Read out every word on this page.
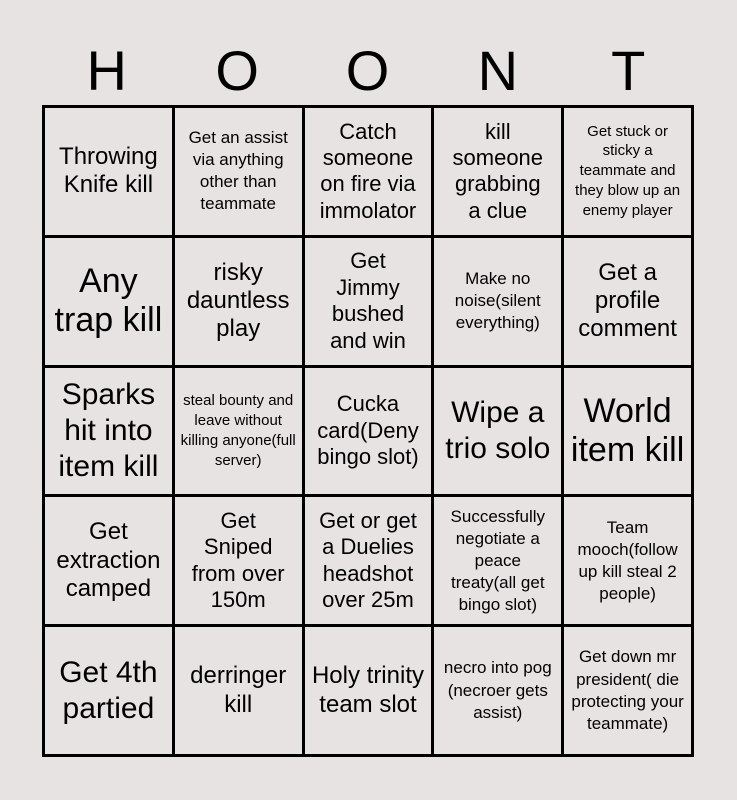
H	O	O	N	T
Throwing Knife kill
Get an assist via anything other than teammate
Catch someone on fire via immolator
kill someone grabbing a clue
Get stuck or sticky a teammate and they blow up an enemy player
Any trap kill
risky dauntless play
Get Jimmy bushed and win
Make no noise(silent everything)
Get a profile comment
Sparks hit into item kill
steal bounty and leave without killing anyone(full server)
Cucka card(Deny bingo slot)
Wipe a trio solo
World item kill
Get extraction camped
Get Sniped from over 150m
Get or get a Duelies headshot over 25m
Successfully negotiate a peace treaty(all get bingo slot)
Team mooch(follow up kill steal 2 people)
Get 4th partied
derringer kill
Holy trinity team slot
necro into pog (necroer gets assist)
Get down mr president( die protecting your teammate)
